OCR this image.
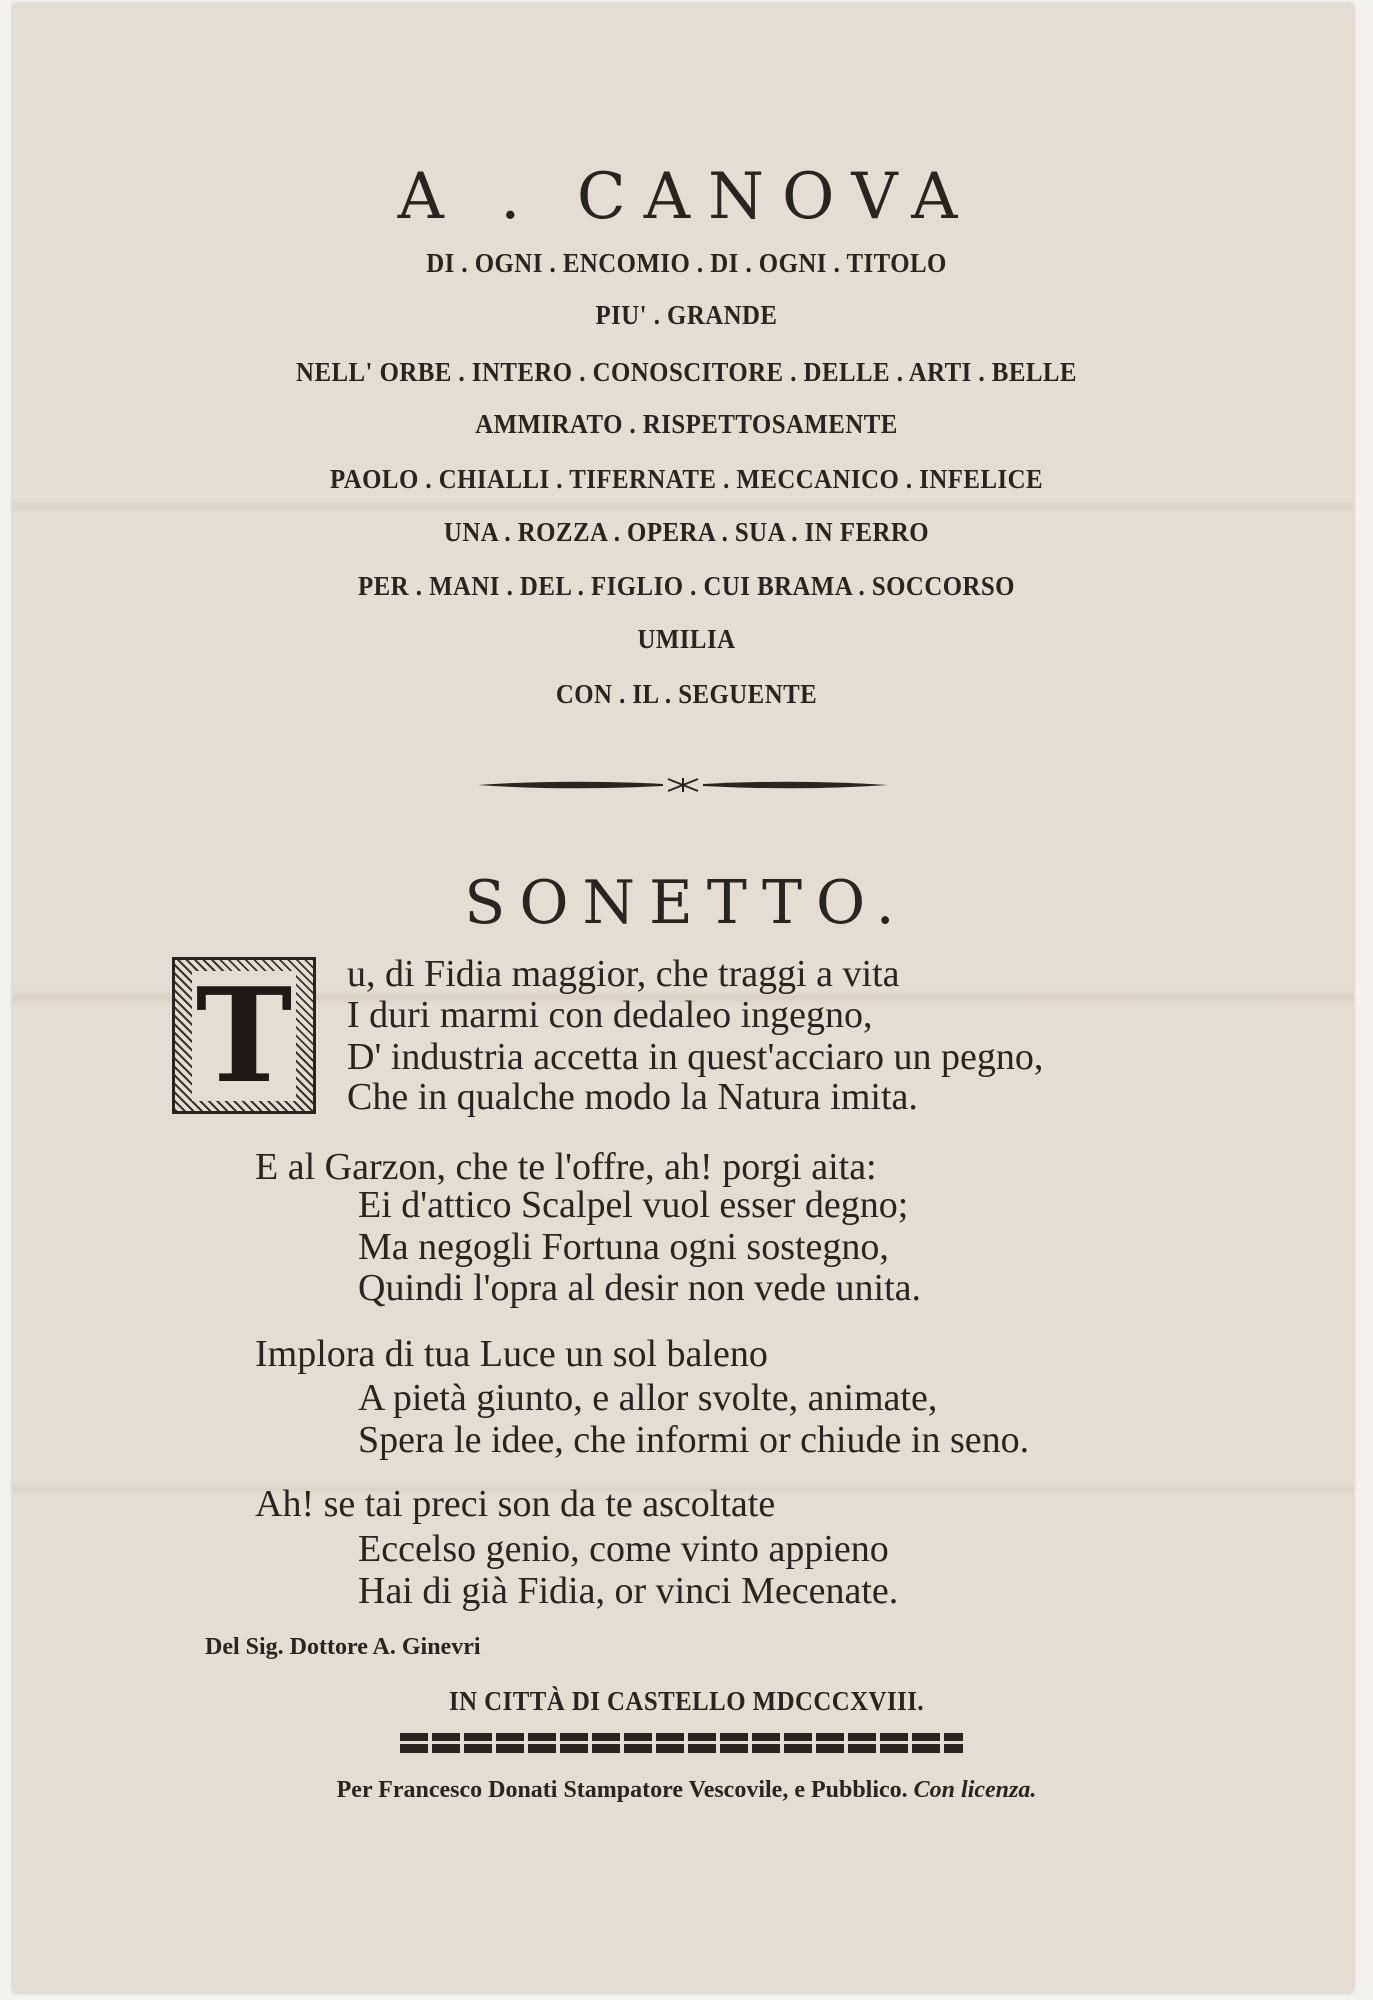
A . CANOVA
DI . OGNI . ENCOMIO . DI . OGNI . TITOLO
PIU' . GRANDE
NELL' ORBE . INTERO . CONOSCITORE . DELLE . ARTI . BELLE
AMMIRATO . RISPETTOSAMENTE
PAOLO . CHIALLI . TIFERNATE . MECCANICO . INFELICE
UNA . ROZZA . OPERA . SUA . IN FERRO
PER . MANI . DEL . FIGLIO . CUI BRAMA . SOCCORSO
UMILIA
CON . IL . SEGUENTE
SONETTO.
T u, di Fidia maggior, che traggi a vita
I duri marmi con dedaleo ingegno,
D' industria accetta in quest'acciaro un pegno,
Che in qualche modo la Natura imita.
E al Garzon, che te l'offre, ah! porgi aita:
Ei d'attico Scalpel vuol esser degno;
Ma negogli Fortuna ogni sostegno,
Quindi l'opra al desir non vede unita.
Implora di tua Luce un sol baleno
A pietà giunto, e allor svolte, animate,
Spera le idee, che informi or chiude in seno.
Ah! se tai preci son da te ascoltate
Eccelso genio, come vinto appieno
Hai di già Fidia, or vinci Mecenate.
Del Sig. Dottore A. Ginevri
IN CITTÀ DI CASTELLO MDCCCXVIII.
Per Francesco Donati Stampatore Vescovile, e Pubblico. Con licenza.
